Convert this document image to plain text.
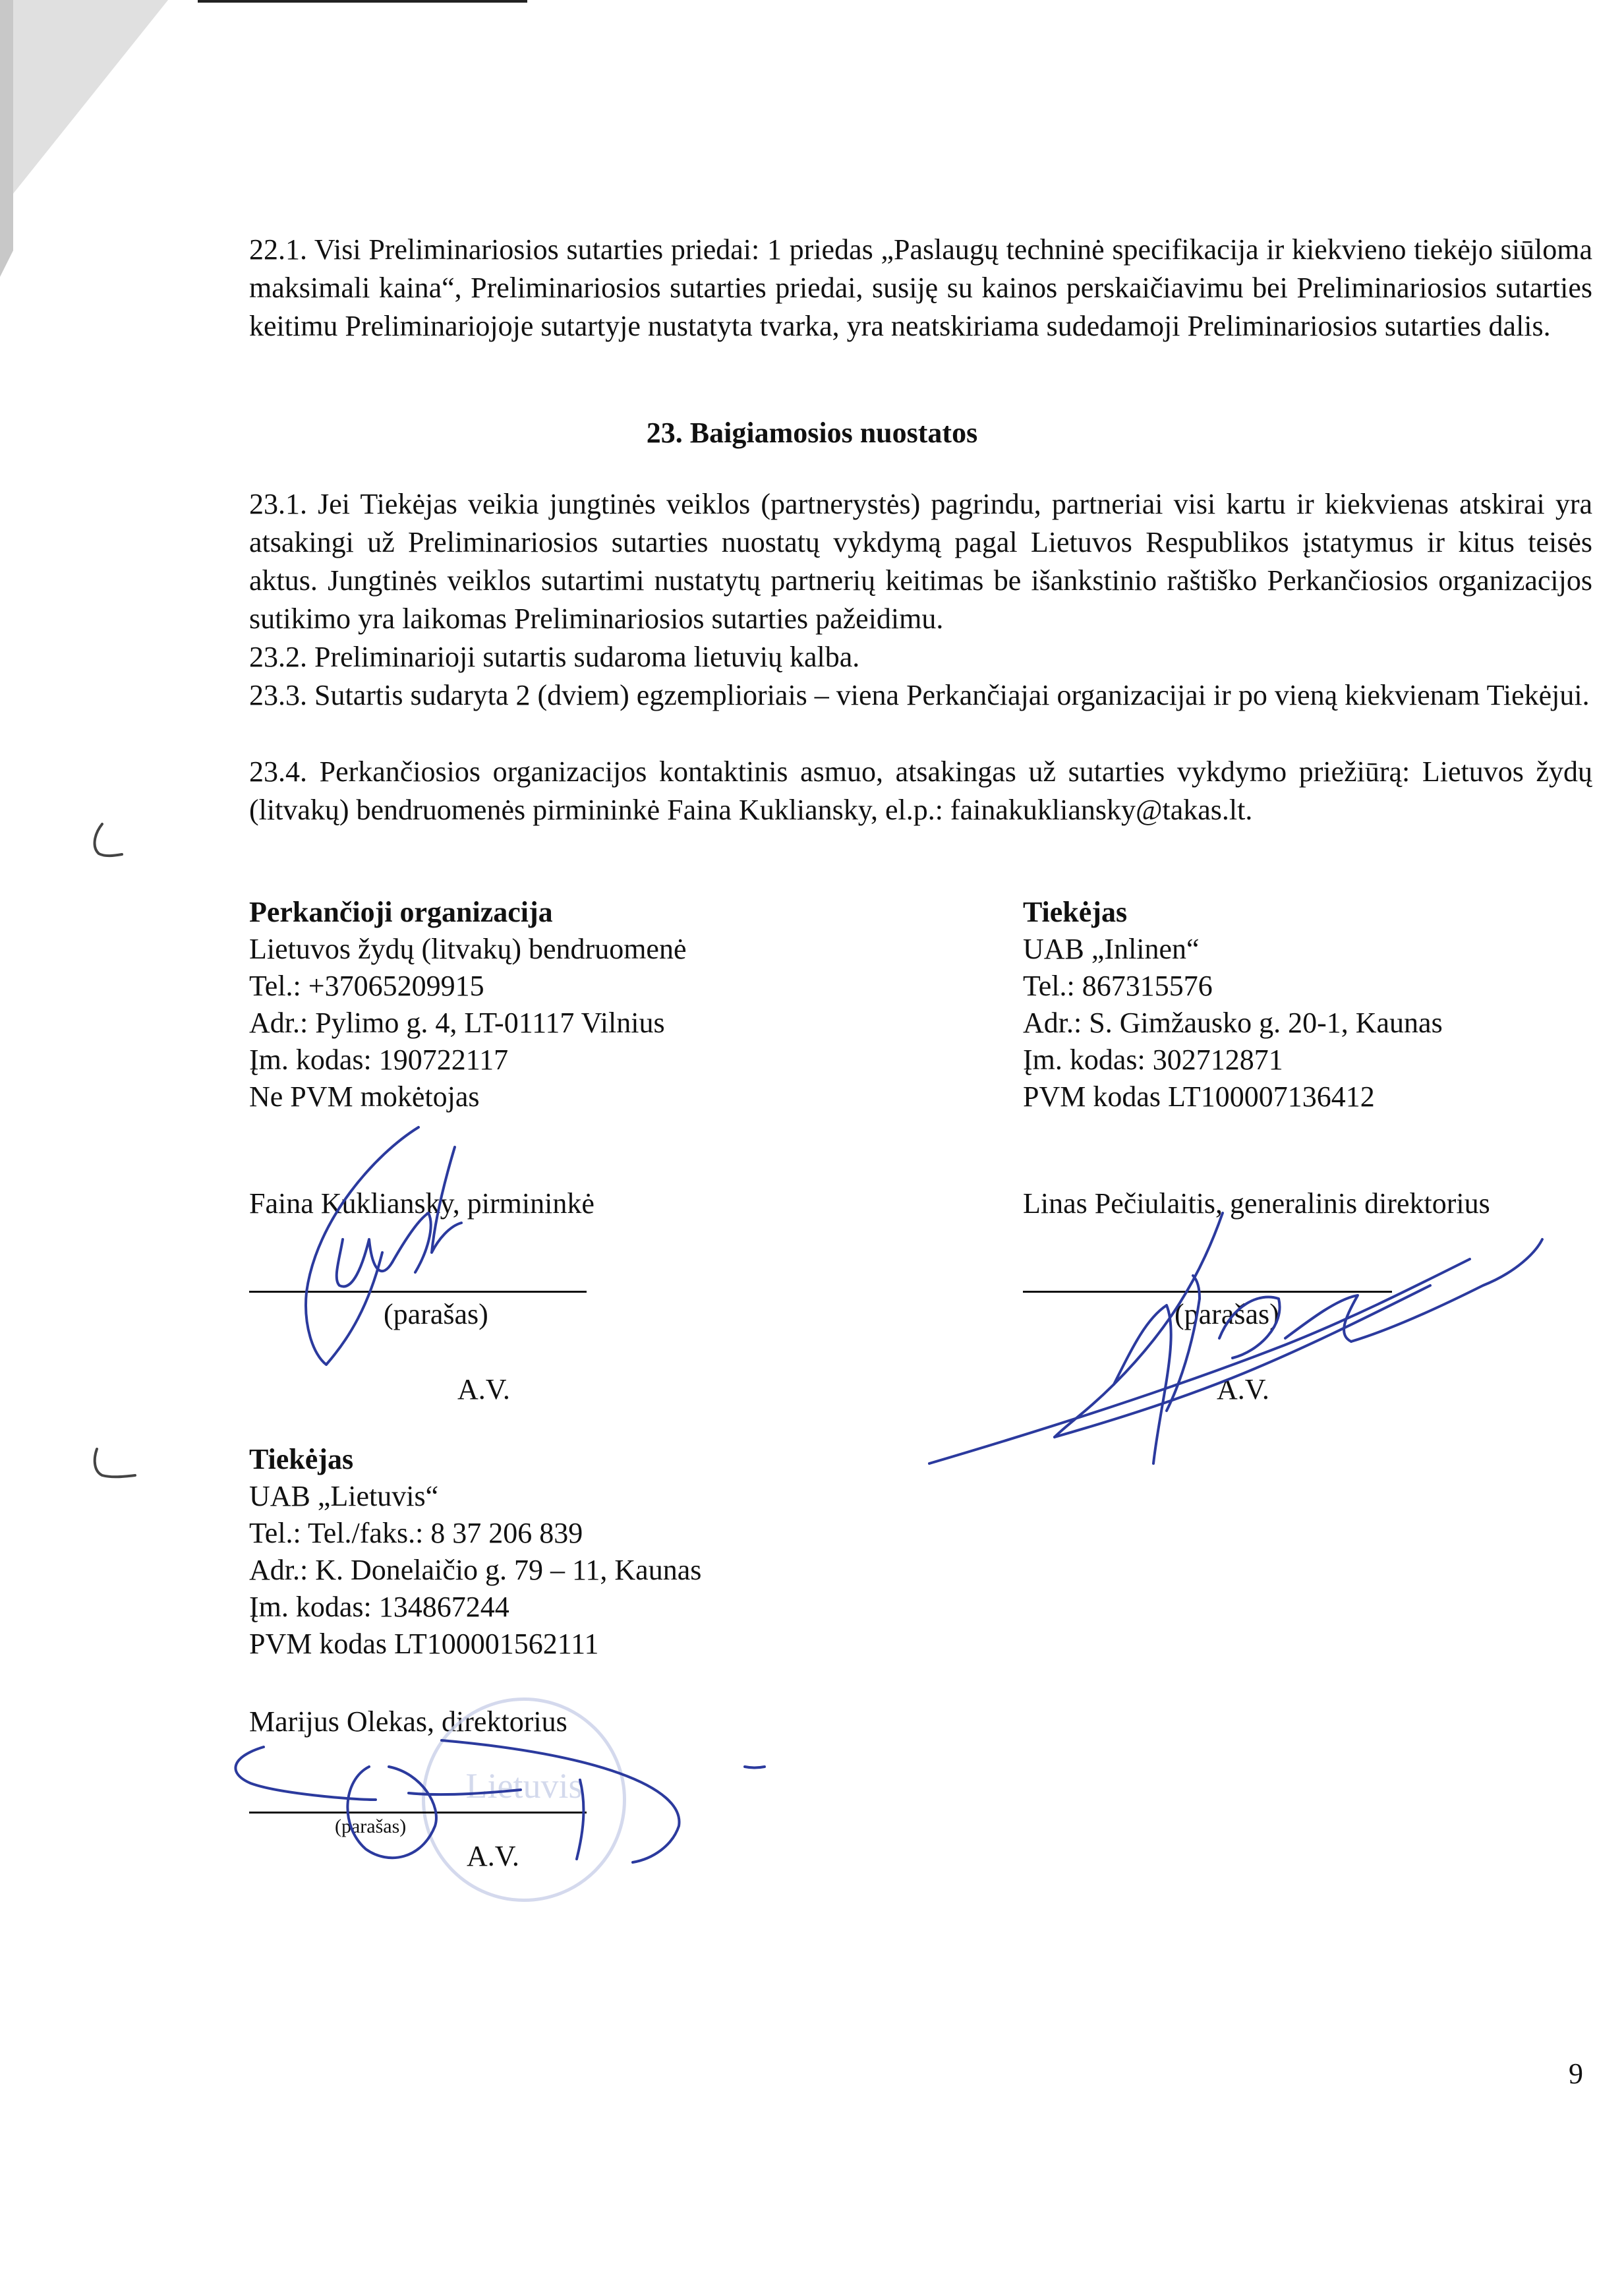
22.1. Visi Preliminariosios sutarties priedai: 1 priedas „Paslaugų techninė specifikacija ir kiekvieno tiekėjo siūloma maksimali kaina“, Preliminariosios sutarties priedai, susiję su kainos perskaičiavimu bei Preliminariosios sutarties keitimu Preliminariojoje sutartyje nustatyta tvarka, yra neatskiriama sudedamoji Preliminariosios sutarties dalis.

23. Baigiamosios nuostatos

23.1. Jei Tiekėjas veikia jungtinės veiklos (partnerystės) pagrindu, partneriai visi kartu ir kiekvienas atskirai yra atsakingi už Preliminariosios sutarties nuostatų vykdymą pagal Lietuvos Respublikos įstatymus ir kitus teisės aktus. Jungtinės veiklos sutartimi nustatytų partnerių keitimas be išankstinio raštiško Perkančiosios organizacijos sutikimo yra laikomas Preliminariosios sutarties pažeidimu.

23.2. Preliminarioji sutartis sudaroma lietuvių kalba.

23.3. Sutartis sudaryta 2 (dviem) egzemplioriais – viena Perkančiajai organizacijai ir po vieną kiekvienam Tiekėjui.

23.4. Perkančiosios organizacijos kontaktinis asmuo, atsakingas už sutarties vykdymo priežiūrą: Lietuvos žydų (litvakų) bendruomenės pirmininkė Faina Kukliansky, el.p.: fainakukliansky@takas.lt.

Perkančioji organizacija
Lietuvos žydų (litvakų) bendruomenė
Tel.: +37065209915
Adr.: Pylimo g. 4, LT-01117 Vilnius
Įm. kodas: 190722117
Ne PVM mokėtojas
Tiekėjas
UAB „Inlinen“
Tel.: 867315576
Adr.: S. Gimžausko g. 20-1, Kaunas
Įm. kodas: 302712871
PVM kodas LT100007136412
Faina Kukliansky, pirmininkė
(parašas)
A.V.
Linas Pečiulaitis, generalinis direktorius
(parašas)
A.V.
Tiekėjas
UAB „Lietuvis“
Tel.: Tel./faks.: 8 37 206 839
Adr.: K. Donelaičio g. 79 – 11, Kaunas
Įm. kodas: 134867244
PVM kodas LT100001562111
Marijus Olekas, direktorius
Lietuvis
(parašas)
A.V.
9
